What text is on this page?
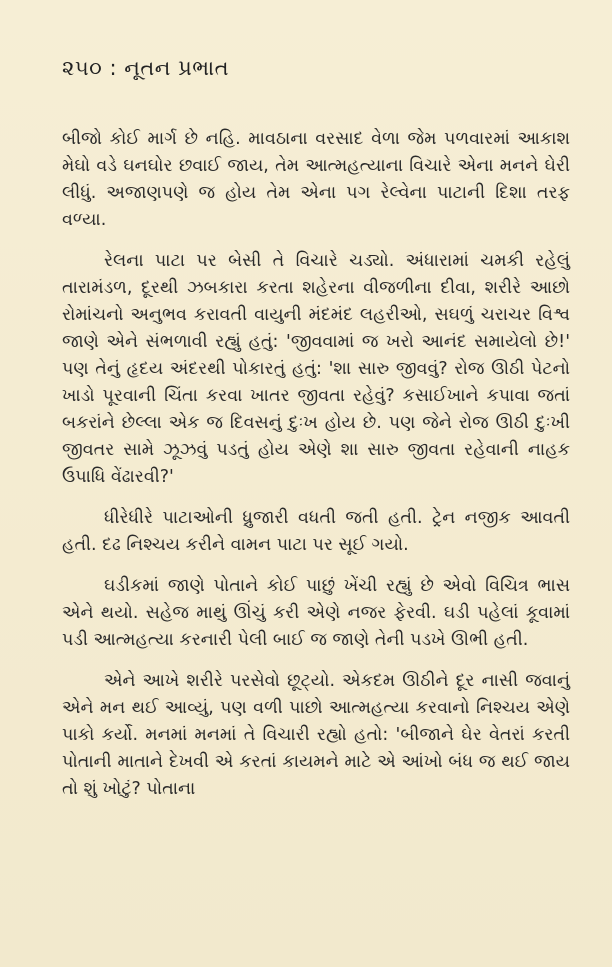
૨૫૦ : નૂતન પ્રભાત

બીજો કોઈ માર્ગ છે નહિ. માવઠાના વરસાદ વેળા જેમ પળવારમાં આકાશ મેઘો વડે ઘનઘોર છવાઈ જાય, તેમ આત્મહત્યાના વિચારે એના મનને ઘેરી લીધું. અજાણપણે જ હોય તેમ એના પગ રેલ્વેના પાટાની દિશા તરફ વળ્યા.

રેલના પાટા પર બેસી તે વિચારે ચડ્યો. અંધારામાં ચમકી રહેલું તારામંડળ, દૂરથી ઝબકારા કરતા શહેરના વીજળીના દીવા, શરીરે આછો રોમાંચનો અનુભવ કરાવતી વાયુની મંદમંદ લહરીઓ, સઘળું ચરાચર વિશ્વ જાણે એને સંભળાવી રહ્યું હતું: 'જીવવામાં જ ખરો આનંદ સમાયેલો છે!' પણ તેનું હૃદય અંદરથી પોકારતું હતું: 'શા સારુ જીવવું? રોજ ઊઠી પેટનો ખાડો પૂરવાની ચિંતા કરવા ખાતર જીવતા રહેવું? કસાઈખાને કપાવા જતાં બકરાંને છેલ્લા એક જ દિવસનું દુઃખ હોય છે. પણ જેને રોજ ઊઠી દુઃખી જીવતર સામે ઝૂઝવું પડતું હોય એણે શા સારુ જીવતા રહેવાની નાહક ઉપાધિ વેંઢારવી?'

ધીરેધીરે પાટાઓની ધ્રુજારી વધતી જતી હતી. ટ્રેન નજીક આવતી હતી. દઢ નિશ્ચય કરીને વામન પાટા પર સૂઈ ગયો.

ઘડીકમાં જાણે પોતાને કોઈ પાછું ખેંચી રહ્યું છે એવો વિચિત્ર ભાસ એને થયો. સહેજ માથું ઊંચું કરી એણે નજર ફેરવી. ઘડી પહેલાં કૂવામાં પડી આત્મહત્યા કરનારી પેલી બાઈ જ જાણે તેની પડખે ઊભી હતી.

એને આખે શરીરે પરસેવો છૂટ્યો. એકદમ ઊઠીને દૂર નાસી જવાનું એને મન થઈ આવ્યું, પણ વળી પાછો આત્મહત્યા કરવાનો નિશ્ચય એણે પાકો કર્યો. મનમાં મનમાં તે વિચારી રહ્યો હતો: 'બીજાને ઘેર વેતરાં કરતી પોતાની માતાને દેખવી એ કરતાં કાયમને માટે એ આંખો બંધ જ થઈ જાય તો શું ખોટું? પોતાના
